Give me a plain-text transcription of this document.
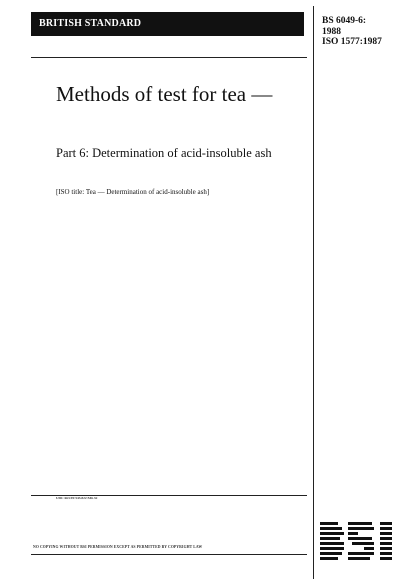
BRITISH STANDARD	BS 6049-6:
1988
ISO 1577:1987
Methods of test for tea —
Part 6: Determination of acid-insoluble ash
[ISO title: Tea — Determination of acid-insoluble ash]
UDC 663.95:543.822:546.32
NO COPYING WITHOUT BSI PERMISSION EXCEPT AS PERMITTED BY COPYRIGHT LAW
